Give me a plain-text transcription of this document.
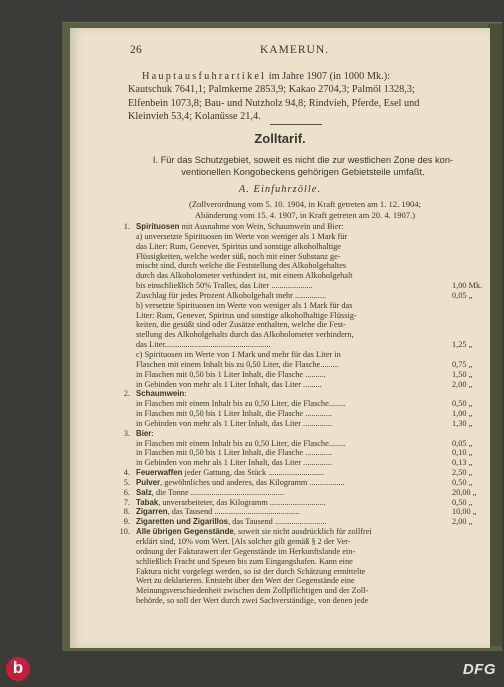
26	KAMERUN.
Hauptausfuhrartikel im Jahre 1907 (in 1000 Mk.):
Kautschuk 7641,1; Palmkerne 2853,9; Kakao 2704,3; Palmöl 1328,3;
Elfenbein 1073,8; Bau- und Nutzholz 94,8; Rindvieh, Pferde, Esel und
Kleinvieh 53,4; Kolanüsse 21,4.
Zolltarif.
I. Für das Schutzgebiet, soweit es nicht die zur westlichen Zone des kon-
ventionellen Kongobeckens gehörigen Gebietsteile umfaßt.
A. Einfuhrzölle.
(Zollverordnung vom 5. 10. 1904, in Kraft getreten am 1. 12. 1904;
Abänderung vom 15. 4. 1907, in Kraft getreten am 20. 4. 1907.)
1. Spirituosen mit Ausnahme von Wein, Schaumwein und Bier:
a) unversetzte Spirituosen im Werte von weniger als 1 Mark für
das Liter: Rum, Genever, Spiritus und sonstige alkoholhaltige
Flüssigkeiten, welche weder süß, noch mit einer Substanz ge-
mischt sind, durch welche die Feststellung des Alkoholgehaltes
durch das Alkoholometer verhindert ist, mit einem Alkoholgehalt
bis einschließlich 50% Tralles, das Liter ....................	1,00 Mk.
Zuschlag für jedes Prozent Alkoholgehalt mehr ...............	0,05 „
b) versetzte Spirituosen im Werte von weniger als 1 Mark für das
Liter: Rum, Genever, Spiritus und sonstige alkoholhaltige Flüssig-
keiten, die gesüßt sind oder Zusätze enthalten, welche die Fest-
stellung des Alkoholgehalts durch das Alkoholometer verhindern,
das Liter...................................................	1,25 „
c) Spirituosen im Werte von 1 Mark und mehr für das Liter in
Flaschen mit einem Inhalt bis zu 0,50 Liter, die Flasche.........	0,75 „
in Flaschen mit 0,50 bis 1 Liter Inhalt, die Flasche ..........	1,50 „
in Gebinden von mehr als 1 Liter Inhalt, das Liter .........	2,00 „
2. Schaumwein:
in Flaschen mit einem Inhalt bis zu 0,50 Liter, die Flasche........	0,50 „
in Flaschen mit 0,50 bis 1 Liter Inhalt, die Flasche .............	1,00 „
in Gebinden von mehr als 1 Liter Inhalt, das Liter ..............	1,30 „
3. Bier:
in Flaschen mit einem Inhalt bis zu 0,50 Liter, die Flasche........	0,05 „
in Flaschen mit 0,50 bis 1 Liter Inhalt, die Flasche .............	0,10 „
in Gebinden von mehr als 1 Liter Inhalt, das Liter ..............	0,13 „
4. Feuerwaffen jeder Gattung, das Stück ...........................	2,50 „
5. Pulver, gewöhnliches und anderes, das Kilogramm .................	0,50 „
6. Salz, die Tonne .............................................	20,00 „
7. Tabak, unverarbeiteter, das Kilogramm ...........................	0,50 „
8. Zigarren, das Tausend .........................................	10,00 „
9. Zigaretten und Zigarillos, das Tausend .........................	2,00 „
10. Alle übrigen Gegenstände, soweit sie nicht ausdrücklich für zollfrei
erklärt sind, 10% vom Wert. [Als solcher gilt gemäß § 2 der Ver-
ordnung der Fakturawert der Gegenstände im Herkunftslande ein-
schließlich Fracht und Spesen bis zum Eingangshafen. Kann eine
Faktura nicht vorgelegt werden, so ist der durch Schätzung ermittelte
Wert zu deklarieren. Entsteht über den Wert der Gegenstände eine
Meinungsverschiedenheit zwischen dem Zollpflichtigen und der Zoll-
behörde, so soll der Wert durch zwei Sachverständige, von denen jede
b	DFG
